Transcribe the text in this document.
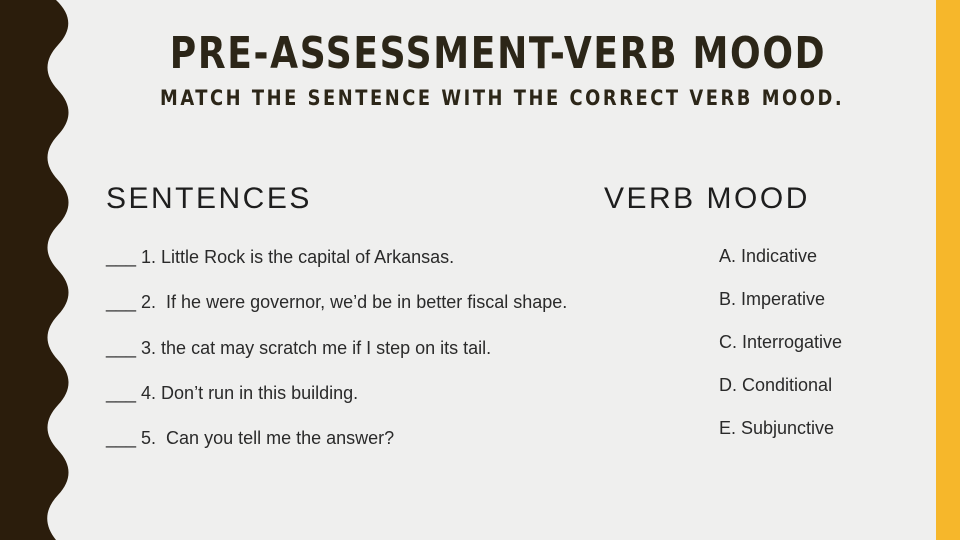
PRE-ASSESSMENT-VERB MOOD
MATCH THE SENTENCE WITH THE CORRECT VERB MOOD.
SENTENCES	VERB MOOD
___ 1. Little Rock is the capital of Arkansas.
___ 2.  If he were governor, we’d be in better fiscal shape.
___ 3. the cat may scratch me if I step on its tail.
___ 4. Don’t run in this building.
___ 5.  Can you tell me the answer?
A. Indicative
B. Imperative
C. Interrogative
D. Conditional
E. Subjunctive
